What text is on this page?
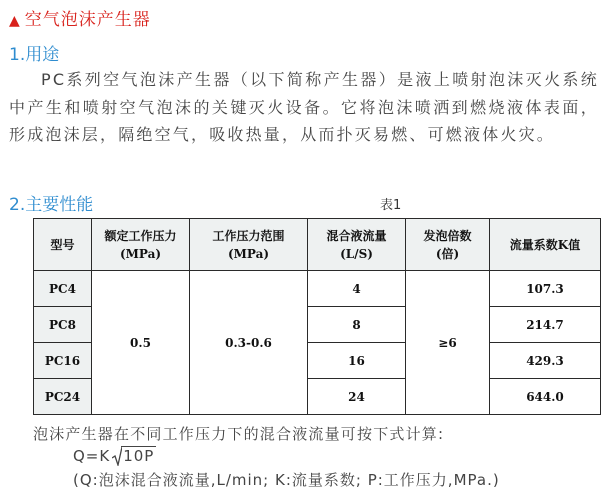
▲ 空气泡沫产生器
1.用途

PC系列空气泡沫产生器（以下简称产生器）是液上喷射泡沫灭火系统中产生和喷射空气泡沫的关键灭火设备。它将泡沫喷洒到燃烧液体表面，形成泡沫层，隔绝空气，吸收热量，从而扑灭易燃、可燃液体火灾。

2.主要性能	表1
型号	额定工作压力(MPa)	工作压力范围(MPa)	混合液流量(L/S)	发泡倍数(倍)	流量系数K值
PC4	0.5	0.3-0.6	4	≥6	107.3
PC8			8		214.7
PC16			16		429.3
PC24			24		644.0
泡沫产生器在不同工作压力下的混合液流量可按下式计算:
Q=K 10P
(Q:泡沫混合液流量,L/min; K:流量系数; P:工作压力,MPa.)
